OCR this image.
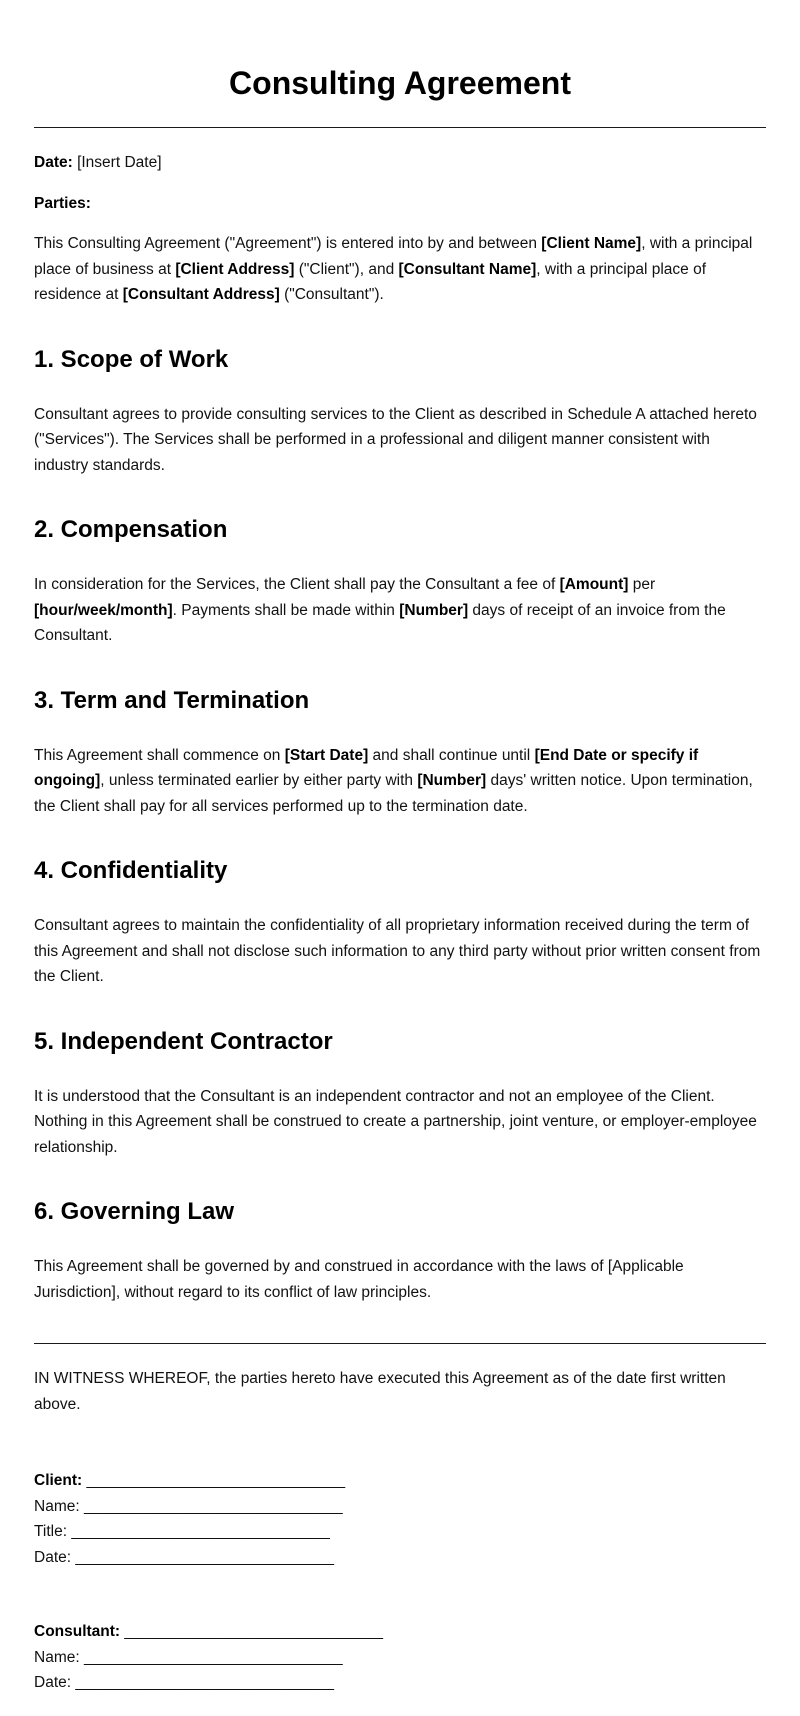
Consulting Agreement

Date: [Insert Date]

Parties:

This Consulting Agreement ("Agreement") is entered into by and between [Client Name], with a principal place of business at [Client Address] ("Client"), and [Consultant Name], with a principal place of residence at [Consultant Address] ("Consultant").

1. Scope of Work

Consultant agrees to provide consulting services to the Client as described in Schedule A attached hereto ("Services"). The Services shall be performed in a professional and diligent manner consistent with industry standards.

2. Compensation

In consideration for the Services, the Client shall pay the Consultant a fee of [Amount] per [hour/week/month]. Payments shall be made within [Number] days of receipt of an invoice from the Consultant.

3. Term and Termination

This Agreement shall commence on [Start Date] and shall continue until [End Date or specify if ongoing], unless terminated earlier by either party with [Number] days' written notice. Upon termination, the Client shall pay for all services performed up to the termination date.

4. Confidentiality

Consultant agrees to maintain the confidentiality of all proprietary information received during the term of this Agreement and shall not disclose such information to any third party without prior written consent from the Client.

5. Independent Contractor

It is understood that the Consultant is an independent contractor and not an employee of the Client. Nothing in this Agreement shall be construed to create a partnership, joint venture, or employer-employee relationship.

6. Governing Law

This Agreement shall be governed by and construed in accordance with the laws of [Applicable Jurisdiction], without regard to its conflict of law principles.

IN WITNESS WHEREOF, the parties hereto have executed this Agreement as of the date first written above.

Client: ______________________________
Name: ______________________________
Title: ______________________________
Date: ______________________________
Consultant: ______________________________
Name: ______________________________
Date: ______________________________
